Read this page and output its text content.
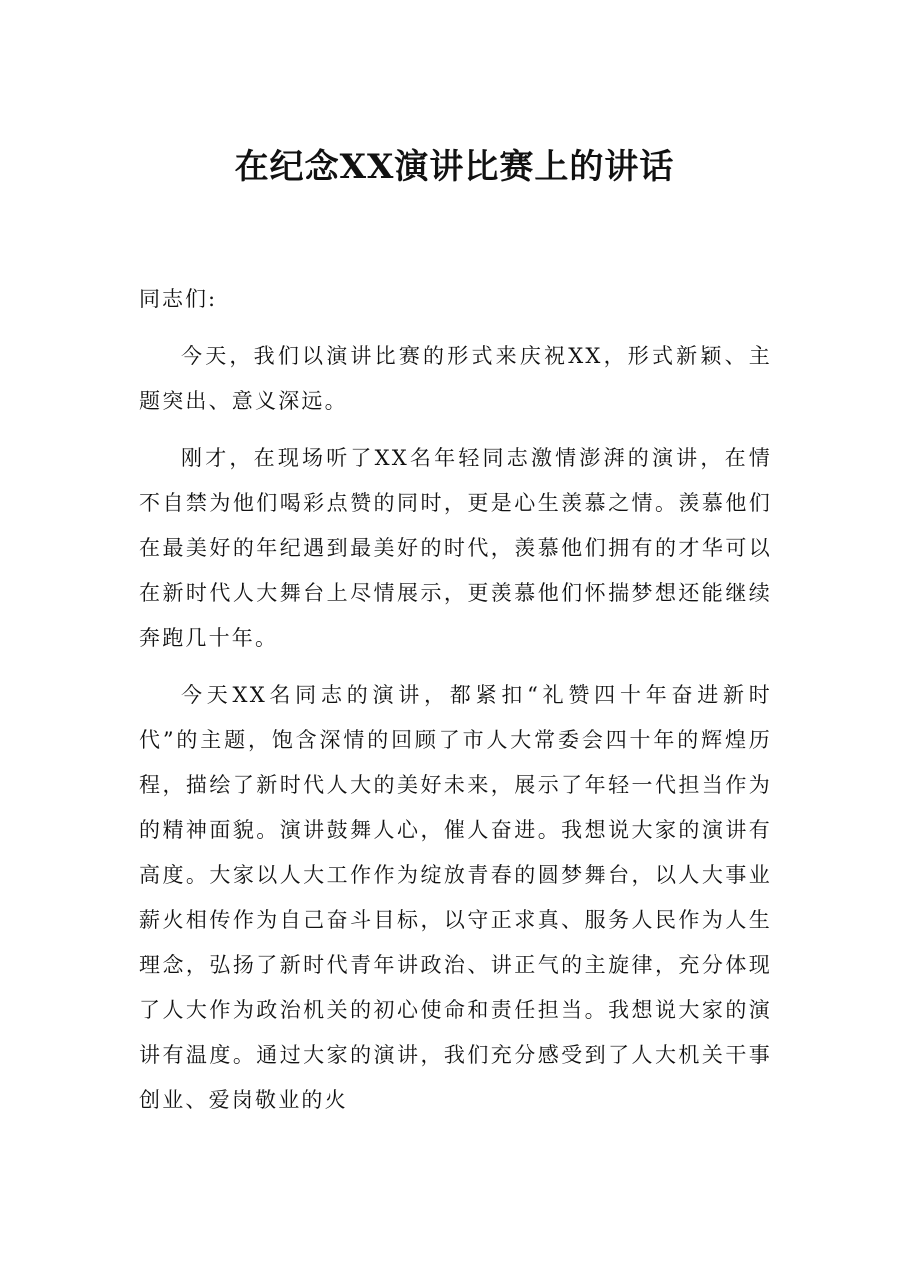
在纪念XX演讲比赛上的讲话

同志们:

今天，我们以演讲比赛的形式来庆祝XX，形式新颖、主题突出、意义深远。

刚才，在现场听了XX名年轻同志激情澎湃的演讲，在情不自禁为他们喝彩点赞的同时，更是心生羡慕之情。羡慕他们在最美好的年纪遇到最美好的时代，羡慕他们拥有的才华可以在新时代人大舞台上尽情展示，更羡慕他们怀揣梦想还能继续奔跑几十年。

今天XX名同志的演讲，都紧扣“礼赞四十年奋进新时代”的主题，饱含深情的回顾了市人大常委会四十年的辉煌历程，描绘了新时代人大的美好未来，展示了年轻一代担当作为的精神面貌。演讲鼓舞人心，催人奋进。我想说大家的演讲有高度。大家以人大工作作为绽放青春的圆梦舞台，以人大事业薪火相传作为自己奋斗目标，以守正求真、服务人民作为人生理念，弘扬了新时代青年讲政治、讲正气的主旋律，充分体现了人大作为政治机关的初心使命和责任担当。我想说大家的演讲有温度。通过大家的演讲，我们充分感受到了人大机关干事创业、爱岗敬业的火
